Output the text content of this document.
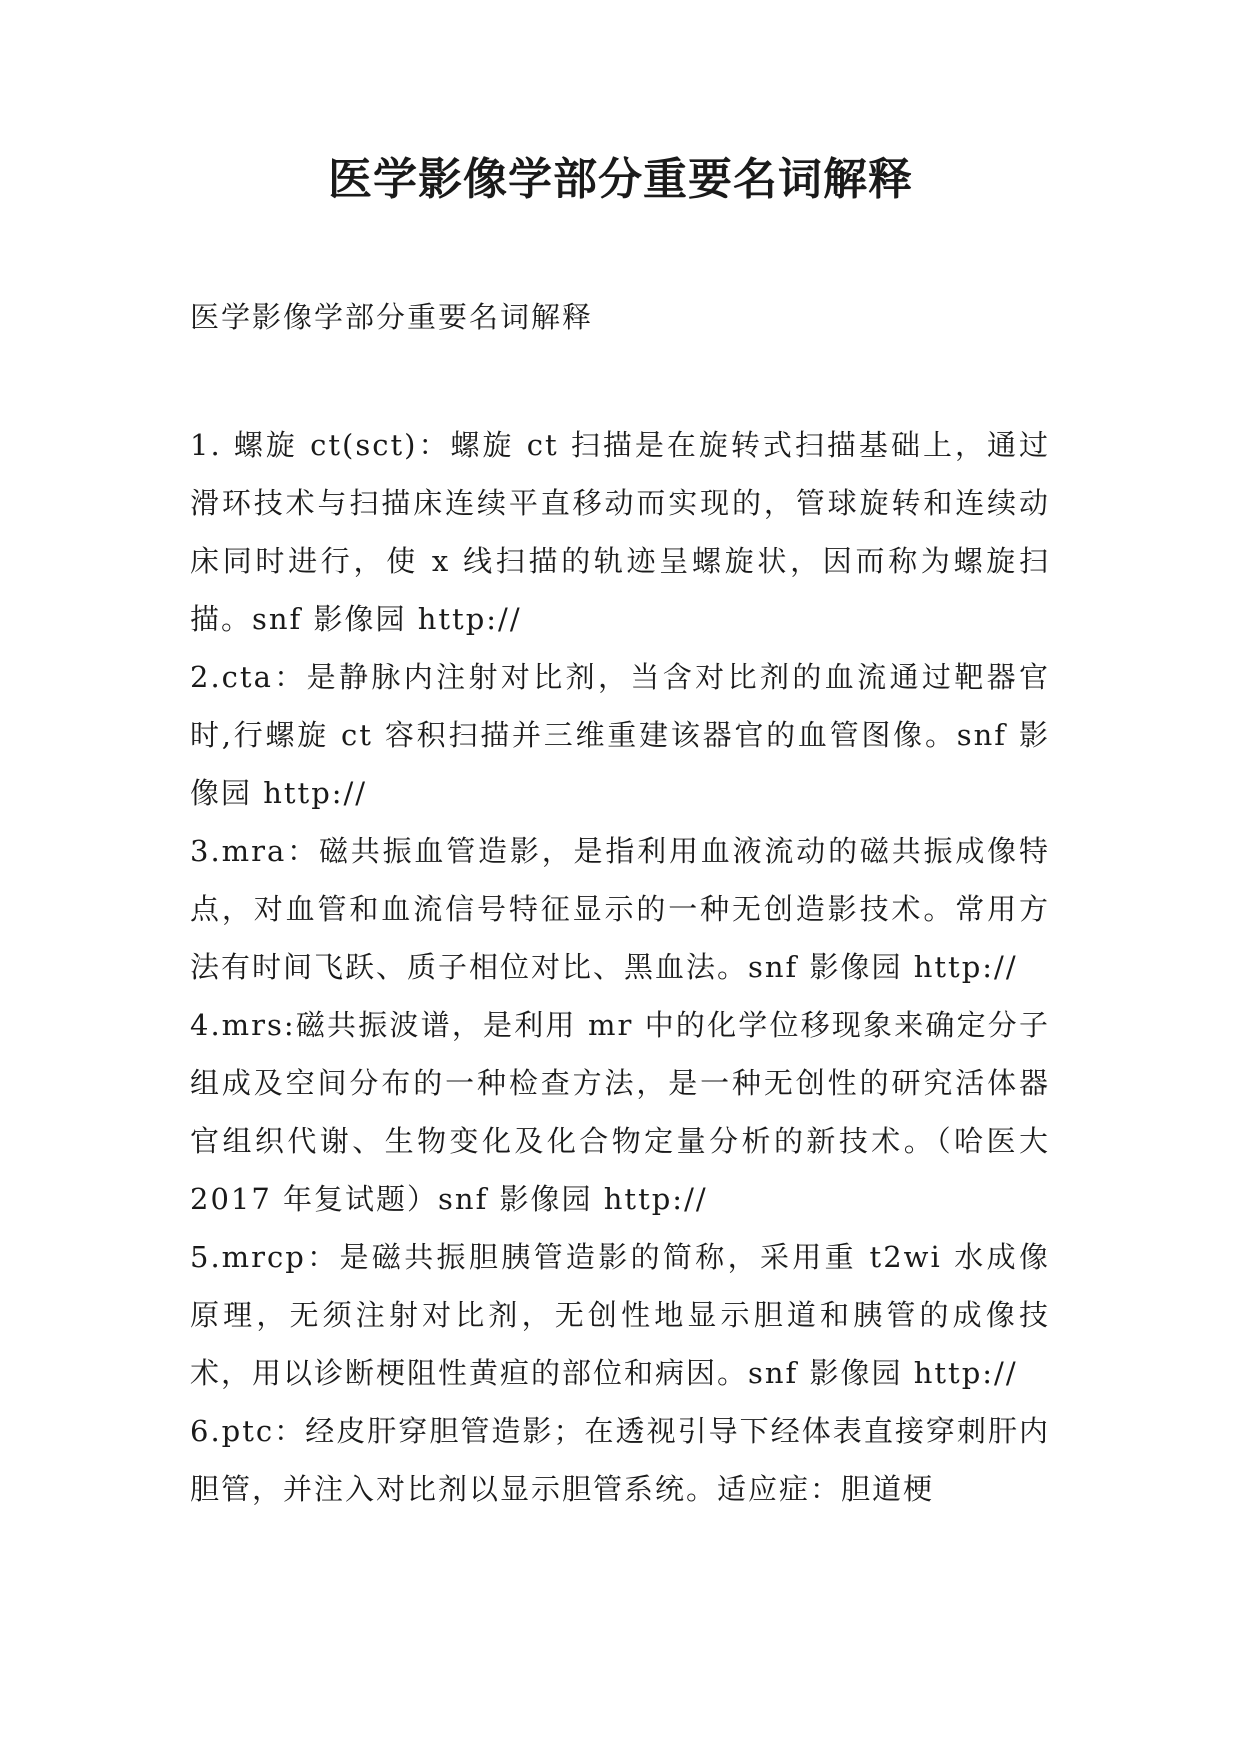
医学影像学部分重要名词解释

医学影像学部分重要名词解释

1. 螺旋 ct(sct)：螺旋 ct 扫描是在旋转式扫描基础上，通过滑环技术与扫描床连续平直移动而实现的，管球旋转和连续动床同时进行，使 x 线扫描的轨迹呈螺旋状，因而称为螺旋扫描。snf 影像园 http://

2.cta：是静脉内注射对比剂，当含对比剂的血流通过靶器官时,行螺旋 ct 容积扫描并三维重建该器官的血管图像。snf 影像园 http://

3.mra：磁共振血管造影，是指利用血液流动的磁共振成像特点，对血管和血流信号特征显示的一种无创造影技术。常用方法有时间飞跃、质子相位对比、黑血法。snf 影像园 http://

4.mrs:磁共振波谱，是利用 mr 中的化学位移现象来确定分子组成及空间分布的一种检查方法，是一种无创性的研究活体器官组织代谢、生物变化及化合物定量分析的新技术。（哈医大 2017 年复试题）snf 影像园 http://

5.mrcp：是磁共振胆胰管造影的简称，采用重 t2wi 水成像原理，无须注射对比剂，无创性地显示胆道和胰管的成像技术，用以诊断梗阻性黄疸的部位和病因。snf 影像园 http://

6.ptc：经皮肝穿胆管造影；在透视引导下经体表直接穿刺肝内胆管，并注入对比剂以显示胆管系统。适应症：胆道梗
